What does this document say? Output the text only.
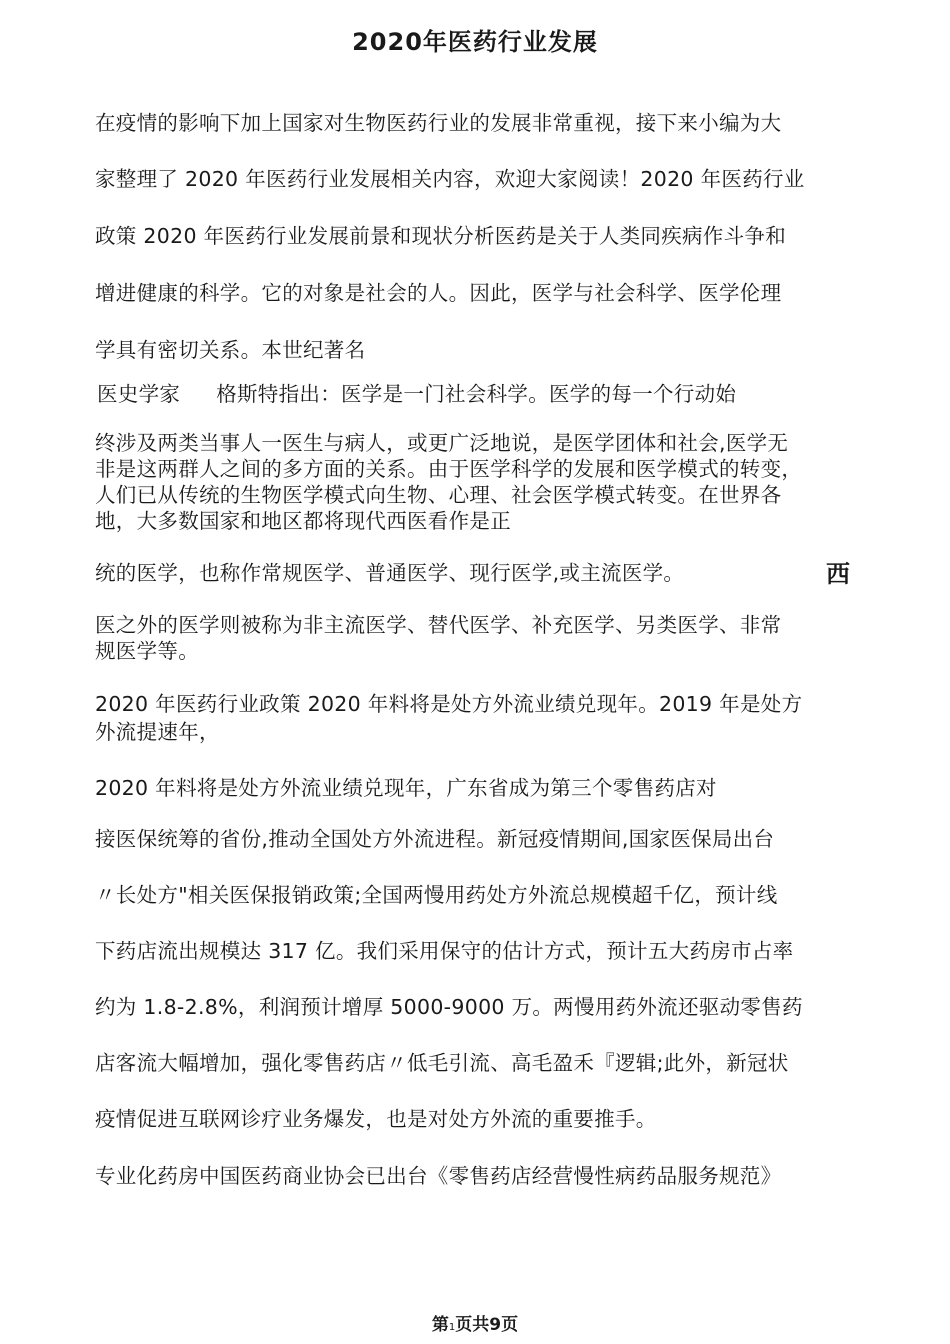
2020年医药行业发展
在疫情的影响下加上国家对生物医药行业的发展非常重视，接下来小编为大
家整理了 2020 年医药行业发展相关内容，欢迎大家阅读！2020 年医药行业
政策 2020 年医药行业发展前景和现状分析医药是关于人类同疾病作斗争和
增进健康的科学。它的对象是社会的人。因此，医学与社会科学、医学伦理
学具有密切关系。本世纪著名
医史学家 格斯特指出：医学是一门社会科学。医学的每一个行动始
终涉及两类当事人一医生与病人，或更广泛地说，是医学团体和社会,医学无
非是这两群人之间的多方面的关系。由于医学科学的发展和医学模式的转变，
人们已从传统的生物医学模式向生物、心理、社会医学模式转变。在世界各
地，大多数国家和地区都将现代西医看作是正
统的医学，也称作常规医学、普通医学、现行医学,或主流医学。	西
医之外的医学则被称为非主流医学、替代医学、补充医学、另类医学、非常
规医学等。
2020 年医药行业政策 2020 年料将是处方外流业绩兑现年。2019 年是处方
外流提速年，
2020 年料将是处方外流业绩兑现年，广东省成为第三个零售药店对
接医保统筹的省份,推动全国处方外流进程。新冠疫情期间,国家医保局出台
〃长处方"相关医保报销政策;全国两慢用药处方外流总规模超千亿，预计线
下药店流出规模达 317 亿。我们采用保守的估计方式，预计五大药房市占率
约为 1.8-2.8%，利润预计增厚 5000-9000 万。两慢用药外流还驱动零售药
店客流大幅增加，强化零售药店〃低毛引流、高毛盈禾『逻辑;此外，新冠状
疫情促进互联网诊疗业务爆发，也是对处方外流的重要推手。
专业化药房中国医药商业协会已出台《零售药店经营慢性病药品服务规范》
第1页共9页
